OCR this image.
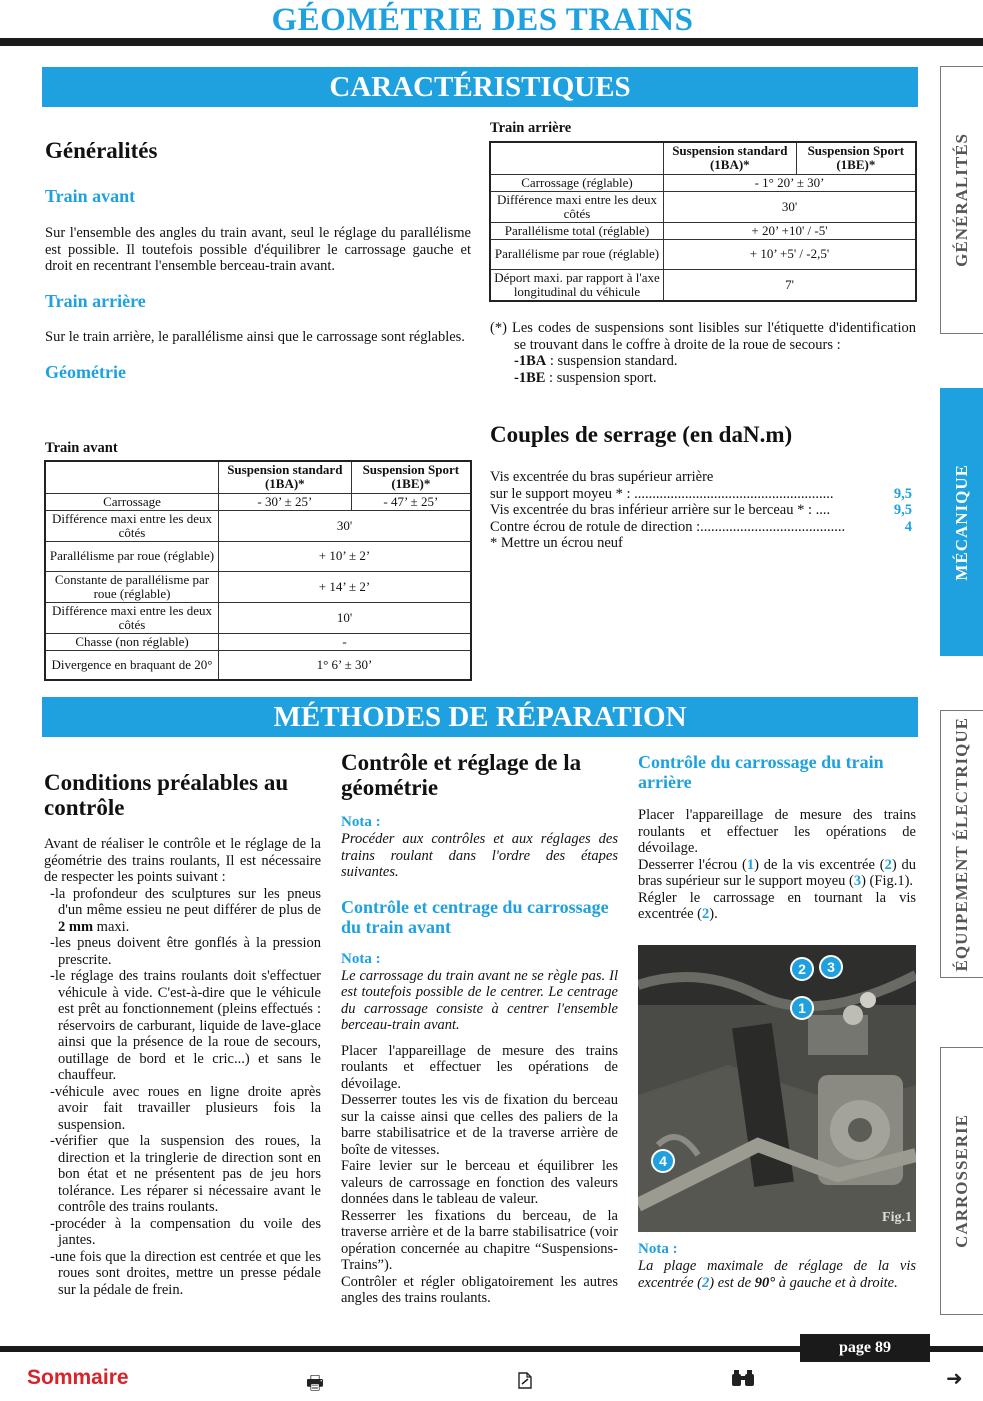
GÉOMÉTRIE DES TRAINS
GÉNÉRALITÉS
MÉCANIQUE
ÉQUIPEMENT ÉLECTRIQUE
CARROSSERIE
CARACTÉRISTIQUES
Généralités
Train avant

Sur l'ensemble des angles du train avant, seul le réglage du parallélisme est possible. Il toutefois possible d'équilibrer le carrossage gauche et droit en recentrant l'ensemble berceau-train avant.

Train arrière

Sur le train arrière, le parallélisme ainsi que le carrossage sont réglables.

Géométrie
Train avant
	Suspension standard (1BA)*	Suspension Sport (1BE)*
Carrossage	- 30’ ± 25’	- 47’ ± 25’
Différence maxi entre les deux côtés	30'	
Parallélisme par roue (réglable)	+ 10’ ± 2’	
Constante de parallélisme par roue (réglable)	+ 14’ ± 2’	
Différence maxi entre les deux côtés	10'	
Chasse (non réglable)	-	
Divergence en braquant de 20°	1° 6’ ± 30’	
Train arrière
	Suspension standard (1BA)*	Suspension Sport (1BE)*
Carrossage (réglable)	- 1° 20’ ± 30’	
Différence maxi entre les deux côtés	30'	
Parallélisme total (réglable)	+ 20’ +10' / -5'	
Parallélisme par roue (réglable)	+ 10’ +5' / -2,5'	
Déport maxi. par rapport à l'axe longitudinal du véhicule	7'	

(*) Les codes de suspensions sont lisibles sur l'étiquette d'identification se trouvant dans le coffre à droite de la roue de secours :

-1BA : suspension standard.
-1BE : suspension sport.
Couples de serrage (en daN.m)
Vis excentrée du bras supérieur arrière
sur le support moyeu * : .......................................................	9,5
Vis excentrée du bras inférieur arrière sur le berceau * : ....	9,5
Contre écrou de rotule de direction :........................................	4
* Mettre un écrou neuf
MÉTHODES DE RÉPARATION
Conditions préalables au contrôle

Avant de réaliser le contrôle et le réglage de la géométrie des trains roulants, Il est nécessaire de respecter les points suivant :

-la profondeur des sculptures sur les pneus d'un même essieu ne peut différer de plus de 2 mm maxi.
-les pneus doivent être gonflés à la pression prescrite.
-le réglage des trains roulants doit s'effectuer véhicule à vide. C'est-à-dire que le véhicule est prêt au fonctionnement (pleins effectués : réservoirs de carburant, liquide de lave-glace ainsi que la présence de la roue de secours, outillage de bord et le cric...) et sans le chauffeur.
-véhicule avec roues en ligne droite après avoir fait travailler plusieurs fois la suspension.
-vérifier que la suspension des roues, la direction et la tringlerie de direction sont en bon état et ne présentent pas de jeu hors tolérance. Les réparer si nécessaire avant le contrôle des trains roulants.
-procéder à la compensation du voile des jantes.
-une fois que la direction est centrée et que les roues sont droites, mettre un presse pédale sur la pédale de frein.
Contrôle et réglage de la géométrie
Nota :

Procéder aux contrôles et aux réglages des trains roulant dans l'ordre des étapes suivantes.

Contrôle et centrage du carrossage du train avant
Nota :

Le carrossage du train avant ne se règle pas. Il est toutefois possible de le centrer. Le centrage du carrossage consiste à centrer l'ensemble berceau-train avant.

Placer l'appareillage de mesure des trains roulants et effectuer les opérations de dévoilage.

Desserrer toutes les vis de fixation du berceau sur la caisse ainsi que celles des paliers de la barre stabilisatrice et de la traverse arrière de boîte de vitesses.

Faire levier sur le berceau et équilibrer les valeurs de carrossage en fonction des valeurs données dans le tableau de valeur.

Resserrer les fixations du berceau, de la traverse arrière et de la barre stabilisatrice (voir opération concernée au chapitre “Suspensions-Trains”).

Contrôler et régler obligatoirement les autres angles des trains roulants.

Contrôle du carrossage du train arrière

Placer l'appareillage de mesure des trains roulants et effectuer les opérations de dévoilage.

Desserrer l'écrou (1) de la vis excentrée (2) du bras supérieur sur le support moyeu (3) (Fig.1).

Régler le carrossage en tournant la vis excentrée (2).

2	3
1
4
Fig.1
Nota :

La plage maximale de réglage de la vis excentrée (2) est de 90° à gauche et à droite.

page 89
Sommaire	🖶	➜
